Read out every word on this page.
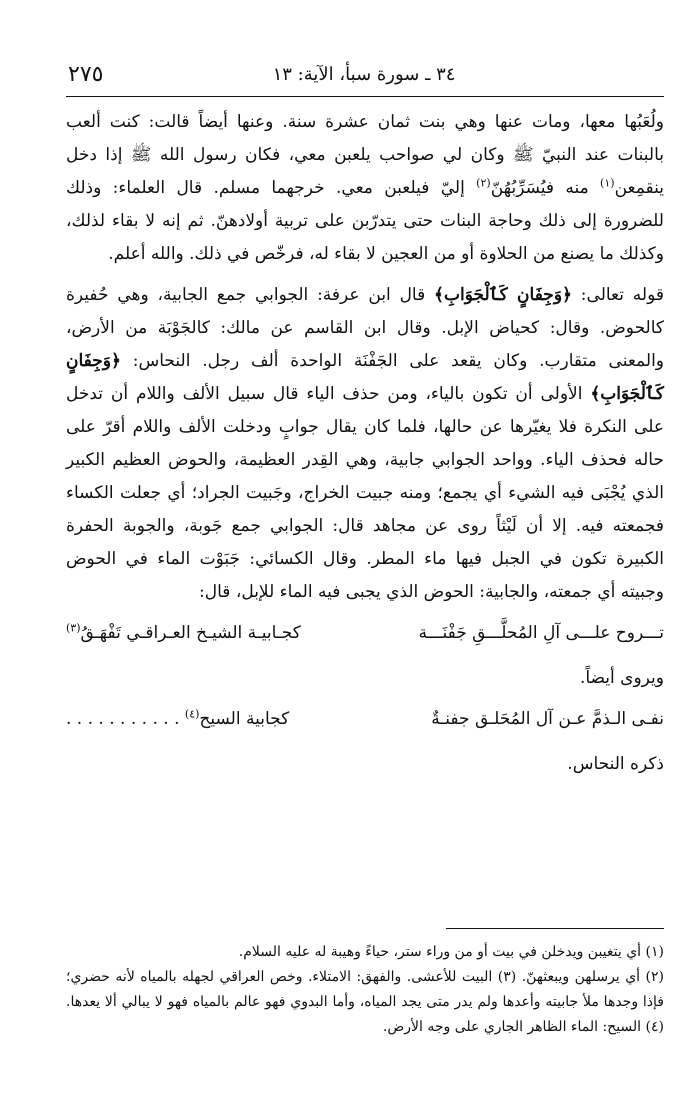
٢٧٥	٣٤ ـ سورة سبأ، الآية: ١٣

ولُعَبُها معها، ومات عنها وهي بنت ثمان عشرة سنة. وعنها أيضاً قالت: كنت ألعب بالبنات عند النبيّ ﷺ وكان لي صواحب يلعبن معي، فكان رسول الله ﷺ إذا دخل ينقمِعن$^{(١)}$ منه فيُسَرِّبُهُنّ$^{(٢)}$ إليّ فيلعبن معي. خرجهما مسلم. قال العلماء: وذلك للضرورة إلى ذلك وحاجة البنات حتى يتدرّبن على تربية أولادهنّ. ثم إنه لا بقاء لذلك، وكذلك ما يصنع من الحلاوة أو من العجين لا بقاء له، فرخّص في ذلك. والله أعلم.

قوله تعالى: ﴿وَجِفَانٍ كَٱلْجَوَابِ﴾ قال ابن عرفة: الجوابي جمع الجابية، وهي حُفيرة كالحوض. وقال: كحياض الإبل. وقال ابن القاسم عن مالك: كالجَوْبَة من الأرض، والمعنى متقارب. وكان يقعد على الجَفْنَة الواحدة ألف رجل. النحاس: ﴿وَجِفَانٍ كَٱلْجَوَابِ﴾ الأولى أن تكون بالياء، ومن حذف الياء قال سبيل الألف واللام أن تدخل على النكرة فلا يغيّرها عن حالها، فلما كان يقال جوابٍ ودخلت الألف واللام أقرّ على حاله فحذف الياء. وواحد الجوابي جابية، وهي القِدر العظيمة، والحوض العظيم الكبير الذي يُجْبَى فيه الشيء أي يجمع؛ ومنه جبيت الخراج، وجَبيت الجراد؛ أي جعلت الكساء فجمعته فيه. إلا أن لَيْثاً روى عن مجاهد قال: الجوابي جمع جَوبة، والجوبة الحفرة الكبيرة تكون في الجبل فيها ماء المطر. وقال الكسائي: جَبَوْت الماء في الحوض وجبيته أي جمعته، والجابية: الحوض الذي يجبى فيه الماء للإبل، قال:

تـــروح علـــى آلِ المُحلَّـــقِ جَفْنَـــة
كجـابيـة الشيـخ العـراقـي تَفْهَـقُ$^{(٣)}$

ويروى أيضاً.

نفـى الـذمَّ عـن آل المُحَلـق جفنـةٌ
كجابية السيح$^{(٤)}$ . . . . . . . . . . .

ذكره النحاس.

(١) أي يتغيبن ويدخلن في بيت أو من وراء ستر، حياءً وهيبة له عليه السلام.

(٢) أي يرسلهن ويبعثهنّ. (٣) البيت للأعشى. والفهق: الامتلاء. وخص العراقي لجهله بالمياه لأنه حضري؛ فإذا وجدها ملأ جابيته وأعدها ولم يدر متى يجد المياه، وأما البدوي فهو عالم بالمياه فهو لا يبالي ألا يعدها. (٤) السيح: الماء الظاهر الجاري على وجه الأرض.
